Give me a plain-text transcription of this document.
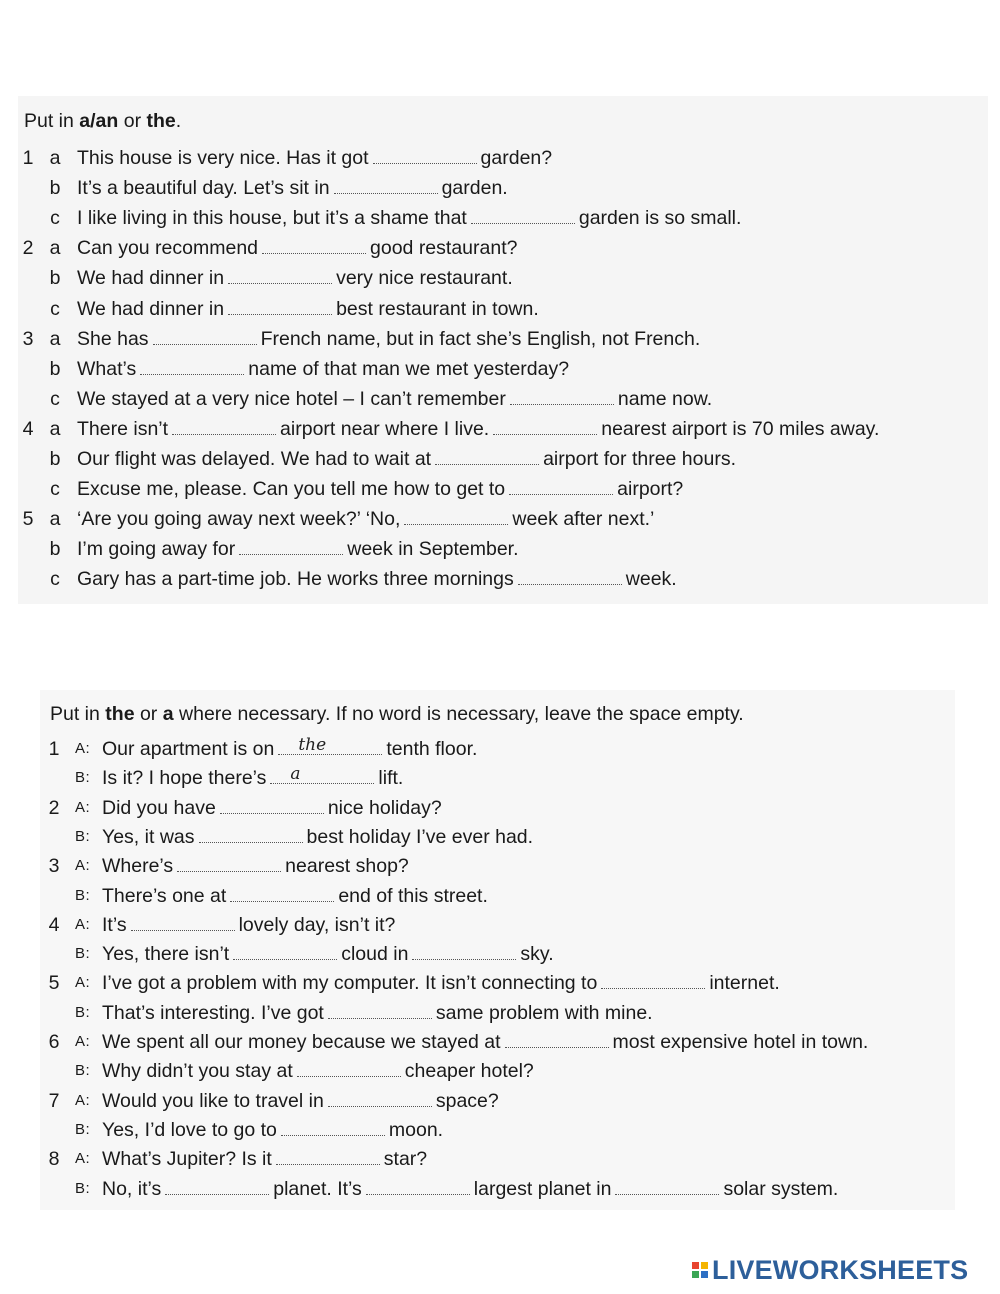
Put in a/an or the.
1 a This house is very nice. Has it got	garden?
b It’s a beautiful day. Let’s sit in	garden.
c I like living in this house, but it’s a shame that	garden is so small.
2 a Can you recommend	good restaurant?
b We had dinner in	very nice restaurant.
c We had dinner in	best restaurant in town.
3 a She has	French name, but in fact she’s English, not French.
b What’s	name of that man we met yesterday?
c We stayed at a very nice hotel – I can’t remember	name now.
4 a There isn’t	airport near where I live.	nearest airport is 70 miles away.
b Our flight was delayed. We had to wait at	airport for three hours.
c Excuse me, please. Can you tell me how to get to	airport?
5 a ‘Are you going away next week?’ ‘No,	week after next.’
b I’m going away for	week in September.
c Gary has a part-time job. He works three mornings	week.
Put in the or a where necessary. If no word is necessary, leave the space empty.
1 A: Our apartment is on the	tenth floor.
B: Is it? I hope there’s a	lift.
2 A: Did you have	nice holiday?
B: Yes, it was	best holiday I’ve ever had.
3 A: Where’s	nearest shop?
B: There’s one at	end of this street.
4 A: It’s	lovely day, isn’t it?
B: Yes, there isn’t	cloud in	sky.
5 A: I’ve got a problem with my computer. It isn’t connecting to	internet.
B: That’s interesting. I’ve got	same problem with mine.
6 A: We spent all our money because we stayed at	most expensive hotel in town.
B: Why didn’t you stay at	cheaper hotel?
7 A: Would you like to travel in	space?
B: Yes, I’d love to go to	moon.
8 A: What’s Jupiter? Is it	star?
B: No, it’s	planet. It’s	largest planet in	solar system.
LIVEWORKSHEETS
